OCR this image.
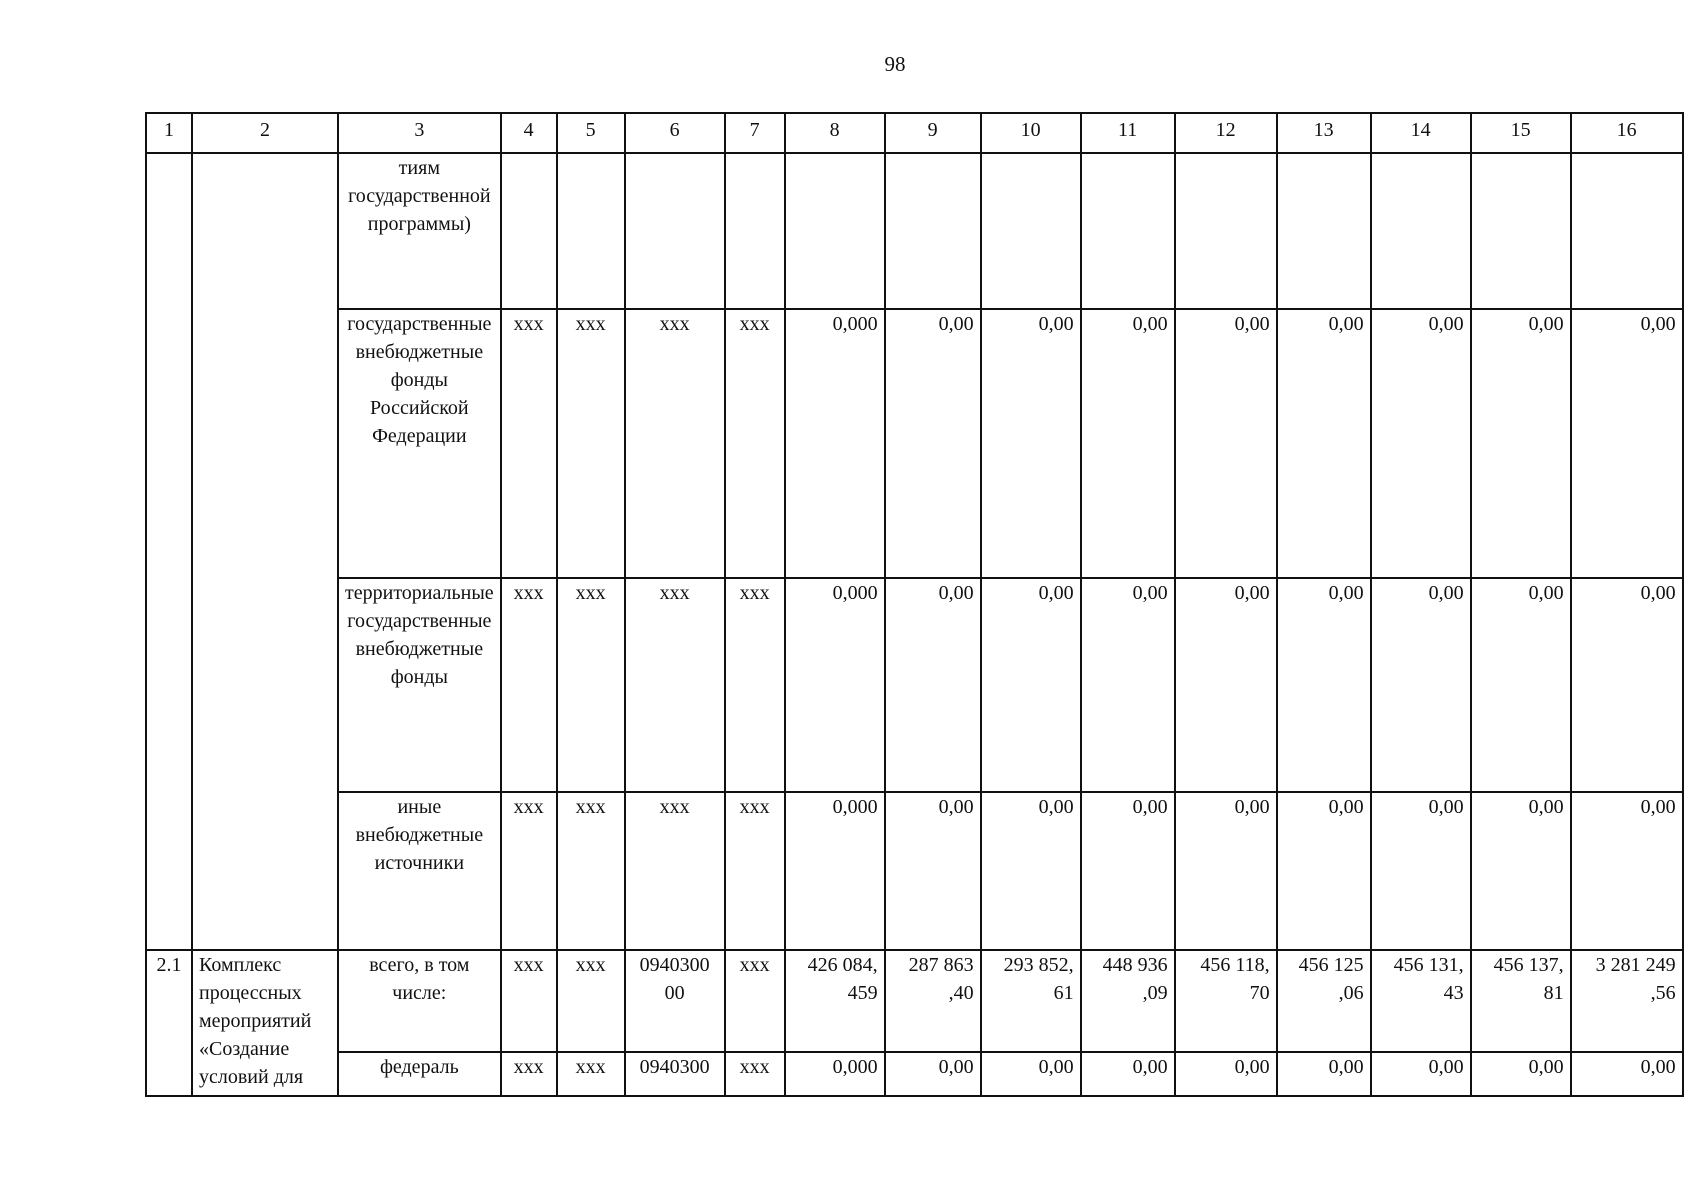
98
1	2	3	4	5	6	7	8	9	10	11	12	13	14	15	16
		тиям государственной программы)													
		государственные внебюджетные фонды Российской Федерации	ххх	ххх	ххх	ххх	0,000	0,00	0,00	0,00	0,00	0,00	0,00	0,00	0,00
		территориальные государственные внебюджетные фонды	ххх	ххх	ххх	ххх	0,000	0,00	0,00	0,00	0,00	0,00	0,00	0,00	0,00
		иные внебюджетные источники	ххх	ххх	ххх	ххх	0,000	0,00	0,00	0,00	0,00	0,00	0,00	0,00	0,00
2.1	Комплекс процессных мероприятий «Создание условий для	всего, в том числе:	ххх	ххх	0940300 00	ххх	426 084, 459	287 863 ,40	293 852, 61	448 936 ,09	456 118, 70	456 125 ,06	456 131, 43	456 137, 81	3 281 249 ,56
		федераль	ххх	ххх	0940300	ххх	0,000	0,00	0,00	0,00	0,00	0,00	0,00	0,00	0,00
